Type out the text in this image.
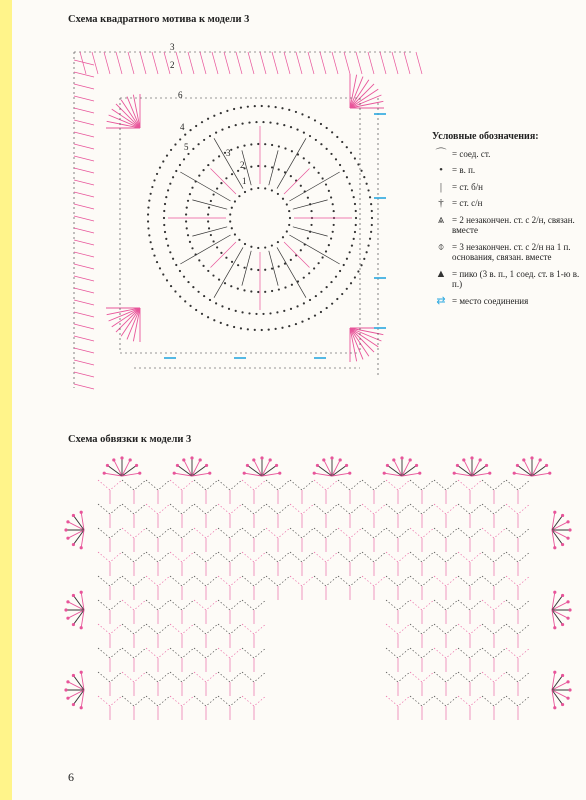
Схема квадратного мотива к модели 3
3
2
6
4
5
3
2
1
Условные обозначения:
⌒ = соед. ст.
•	= в. п.
|	= ст. б/н
† = ст. с/н
⩓ = 2 незакончен. ст. с 2/н, связан. вместе
⌽ = 3 незакончен. ст. с 2/н на 1 п. основания, связан. вместе
▲ = пико (3 в. п., 1 соед. ст. в 1-ю в. п.)
⇄ = место соединения
Схема обвязки к модели 3
6
